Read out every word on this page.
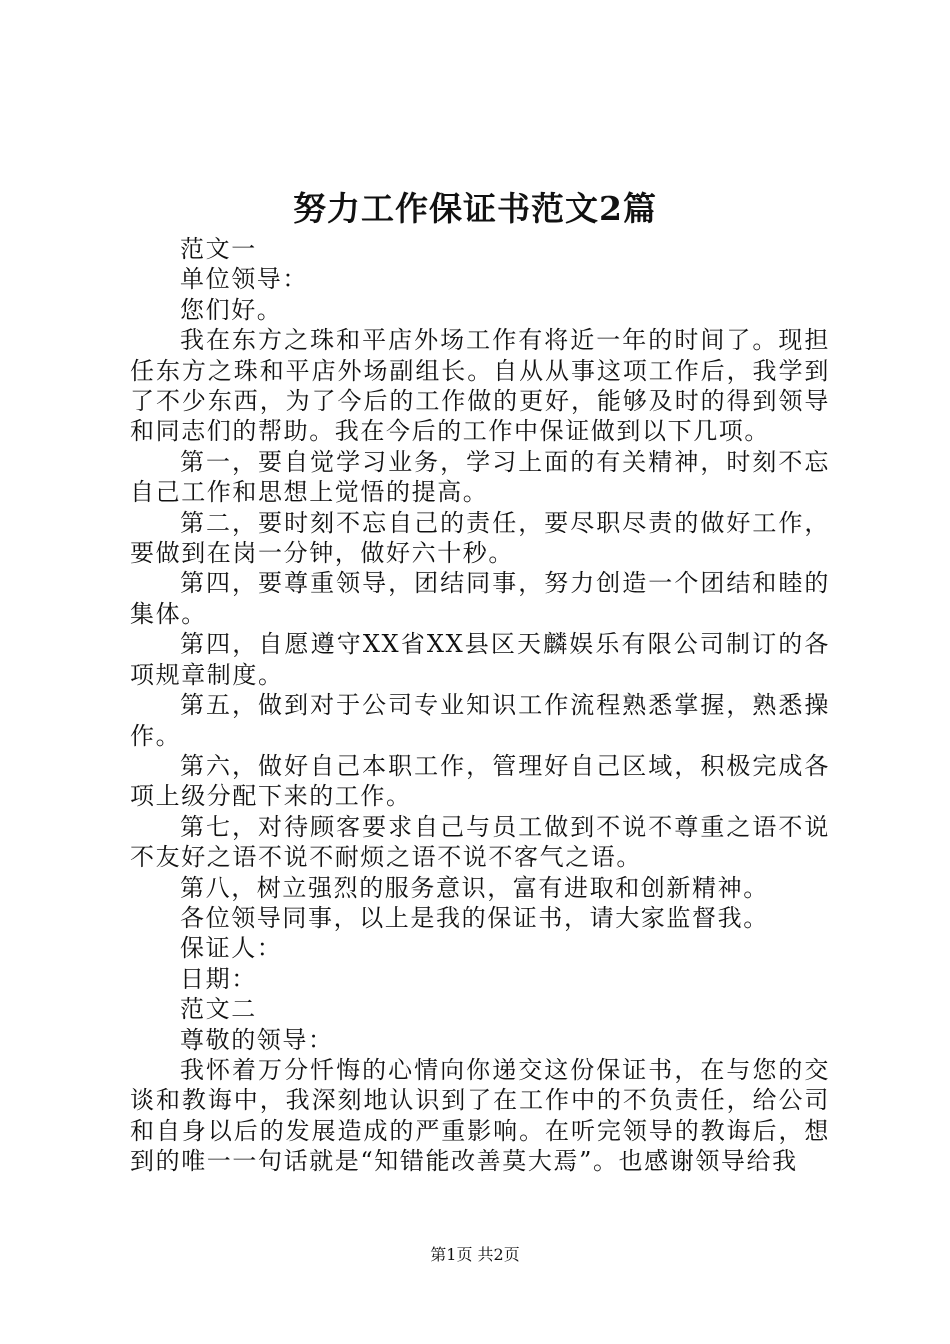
努力工作保证书范文2篇

范文一

单位领导：

您们好。

我在东方之珠和平店外场工作有将近一年的时间了。现担任东方之珠和平店外场副组长。自从从事这项工作后，我学到了不少东西，为了今后的工作做的更好，能够及时的得到领导和同志们的帮助。我在今后的工作中保证做到以下几项。

第一，要自觉学习业务，学习上面的有关精神，时刻不忘自己工作和思想上觉悟的提高。

第二，要时刻不忘自己的责任，要尽职尽责的做好工作，要做到在岗一分钟，做好六十秒。

第四，要尊重领导，团结同事，努力创造一个团结和睦的集体。

第四，自愿遵守XX省XX县区天麟娱乐有限公司制订的各项规章制度。

第五，做到对于公司专业知识工作流程熟悉掌握，熟悉操作。

第六，做好自己本职工作，管理好自己区域，积极完成各项上级分配下来的工作。

第七，对待顾客要求自己与员工做到不说不尊重之语不说不友好之语不说不耐烦之语不说不客气之语。

第八，树立强烈的服务意识，富有进取和创新精神。

各位领导同事，以上是我的保证书，请大家监督我。

保证人：

日期：

范文二

尊敬的领导：

我怀着万分忏悔的心情向你递交这份保证书，在与您的交谈和教诲中，我深刻地认识到了在工作中的不负责任，给公司和自身以后的发展造成的严重影响。在听完领导的教诲后，想到的唯一一句话就是“知错能改善莫大焉”。也感谢领导给我

第1页 共2页
